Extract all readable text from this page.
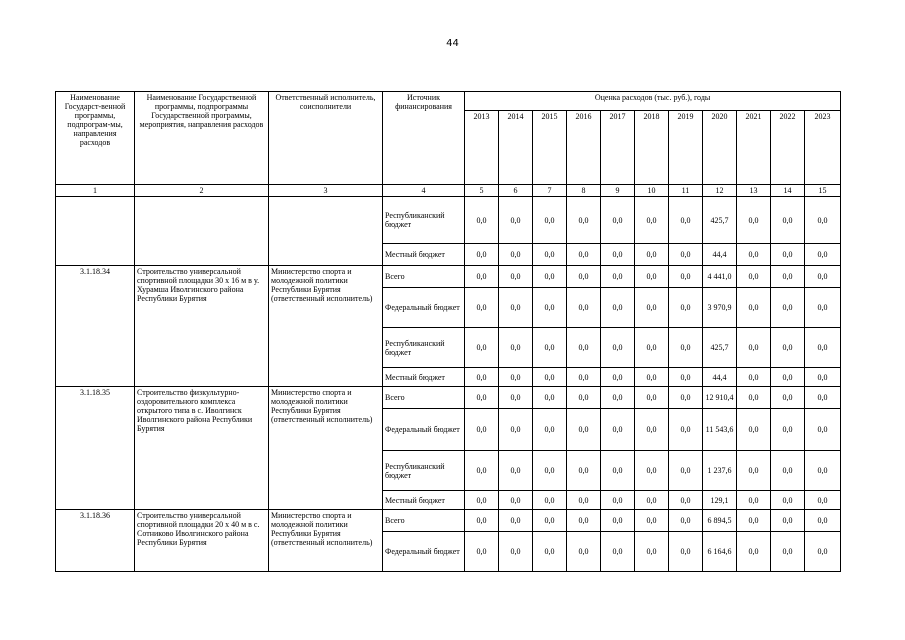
44
Наименование Государст-венной программы, подпрограм-мы, направления расходов	Наименование Государственной программы, подпрограммы Государственной программы, мероприятия, направления расходов	Ответственный исполнитель, соисполнители	Источник финансирования	Оценка расходов (тыс. руб.), годы										
				2013	2014	2015	2016	2017	2018	2019	2020	2021	2022	2023
1	2	3	4	5	6	7	8	9	10	11	12	13	14	15
			Республиканский бюджет	0,0	0,0	0,0	0,0	0,0	0,0	0,0	425,7	0,0	0,0	0,0
			Местный бюджет	0,0	0,0	0,0	0,0	0,0	0,0	0,0	44,4	0,0	0,0	0,0
3.1.18.34	Строительство универсальной спортивной площадки 30 х 16 м в у. Хурамша Иволгинского района Республики Бурятия	Министерство спорта и молодежной политики Республики Бурятия (ответственный исполнитель)	Всего	0,0	0,0	0,0	0,0	0,0	0,0	0,0	4 441,0	0,0	0,0	0,0
			Федеральный бюджет	0,0	0,0	0,0	0,0	0,0	0,0	0,0	3 970,9	0,0	0,0	0,0
			Республиканский бюджет	0,0	0,0	0,0	0,0	0,0	0,0	0,0	425,7	0,0	0,0	0,0
			Местный бюджет	0,0	0,0	0,0	0,0	0,0	0,0	0,0	44,4	0,0	0,0	0,0
3.1.18.35	Строительство физкультурно-оздоровительного комплекса открытого типа в с. Иволгинск Иволгинского района Республики Бурятия	Министерство спорта и молодежной политики Республики Бурятия (ответственный исполнитель)	Всего	0,0	0,0	0,0	0,0	0,0	0,0	0,0	12 910,4	0,0	0,0	0,0
			Федеральный бюджет	0,0	0,0	0,0	0,0	0,0	0,0	0,0	11 543,6	0,0	0,0	0,0
			Республиканский бюджет	0,0	0,0	0,0	0,0	0,0	0,0	0,0	1 237,6	0,0	0,0	0,0
			Местный бюджет	0,0	0,0	0,0	0,0	0,0	0,0	0,0	129,1	0,0	0,0	0,0
3.1.18.36	Строительство универсальной спортивной площадки 20 х 40 м в с. Сотниково Иволгинского района Республики Бурятия	Министерство спорта и молодежной политики Республики Бурятия (ответственный исполнитель)	Всего	0,0	0,0	0,0	0,0	0,0	0,0	0,0	6 894,5	0,0	0,0	0,0
			Федеральный бюджет	0,0	0,0	0,0	0,0	0,0	0,0	0,0	6 164,6	0,0	0,0	0,0
